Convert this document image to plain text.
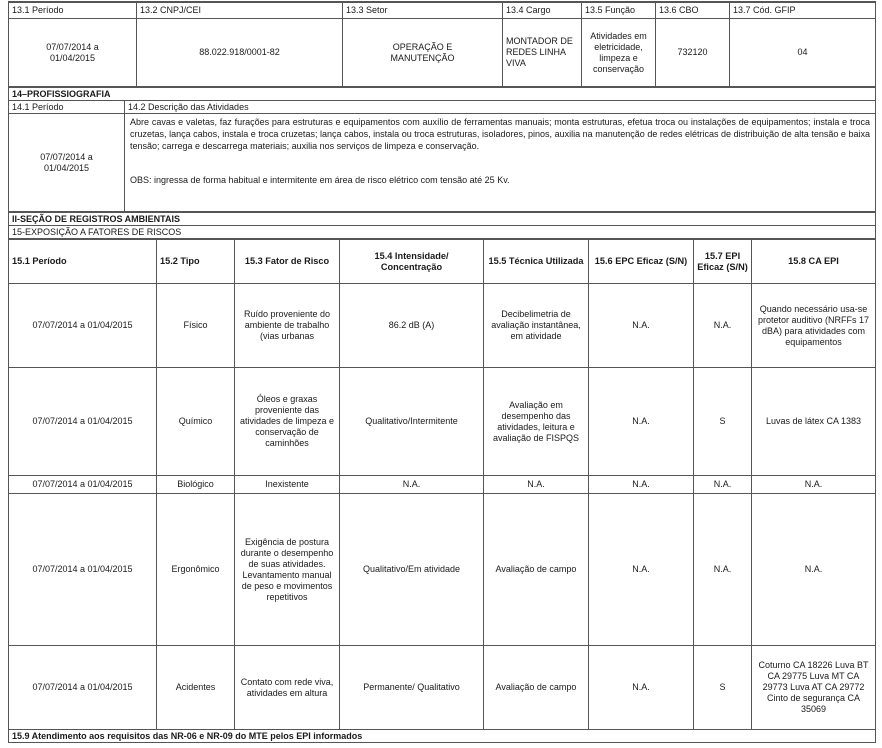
13.1 Período	13.2 CNPJ/CEI	13.3 Setor	13.4 Cargo	13.5 Função	13.6 CBO	13.7 Cód. GFIP
07/07/2014 a 01/04/2015	88.022.918/0001-82	OPERAÇÃO E MANUTENÇÃO	MONTADOR DE REDES LINHA VIVA	Atividades em eletricidade, limpeza e conservação	732120	04
14–PROFISSIOGRAFIA	
14.1 Período	14.2 Descrição das Atividades
07/07/2014 a 01/04/2015	Abre cavas e valetas, faz furações para estruturas e equipamentos com auxílio de ferramentas manuais; monta estruturas, efetua troca ou instalações de equipamentos; instala e troca cruzetas, lança cabos, instala e troca cruzetas; lança cabos, instala ou troca estruturas, isoladores, pinos, auxilia na manutenção de redes elétricas de distribuição de alta tensão e baixa tensão; carrega e descarrega materiais; auxilia nos serviços de limpeza e conservação.
OBS: ingressa de forma habitual e intermitente em área de risco elétrico com tensão até 25 Kv.
II-SEÇÃO DE REGISTROS AMBIENTAIS
15-EXPOSIÇÃO A FATORES DE RISCOS
15.1 Período	15.2 Tipo	15.3 Fator de Risco	15.4 Intensidade/ Concentração	15.5 Técnica Utilizada	15.6 EPC Eficaz (S/N)	15.7 EPI Eficaz (S/N)	15.8 CA EPI
07/07/2014 a 01/04/2015	Físico	Ruído proveniente do ambiente de trabalho (vias urbanas	86.2 dB (A)	Decibelimetria de avaliação instantânea, em atividade	N.A.	N.A.	Quando necessário usa-se protetor auditivo (NRFFs 17 dBA) para atividades com equipamentos
07/07/2014 a 01/04/2015	Químico	Óleos e graxas proveniente das atividades de limpeza e conservação de caminhões	Qualitativo/Intermitente	Avaliação em desempenho das atividades, leitura e avaliação de FISPQS	N.A.	S	Luvas de látex CA 1383
07/07/2014 a 01/04/2015	Biológico	Inexistente	N.A.	N.A.	N.A.	N.A.	N.A.
07/07/2014 a 01/04/2015	Ergonômico	Exigência de postura durante o desempenho de suas atividades. Levantamento manual de peso e movimentos repetitivos	Qualitativo/Em atividade	Avaliação de campo	N.A.	N.A.	N.A.
07/07/2014 a 01/04/2015	Acidentes	Contato com rede viva, atividades em altura	Permanente/ Qualitativo	Avaliação de campo	N.A.	S	Coturno CA 18226 Luva BT CA 29775 Luva MT CA 29773 Luva AT CA 29772 Cinto de segurança CA 35069
15.9 Atendimento aos requisitos das NR-06 e NR-09 do MTE pelos EPI informados							
